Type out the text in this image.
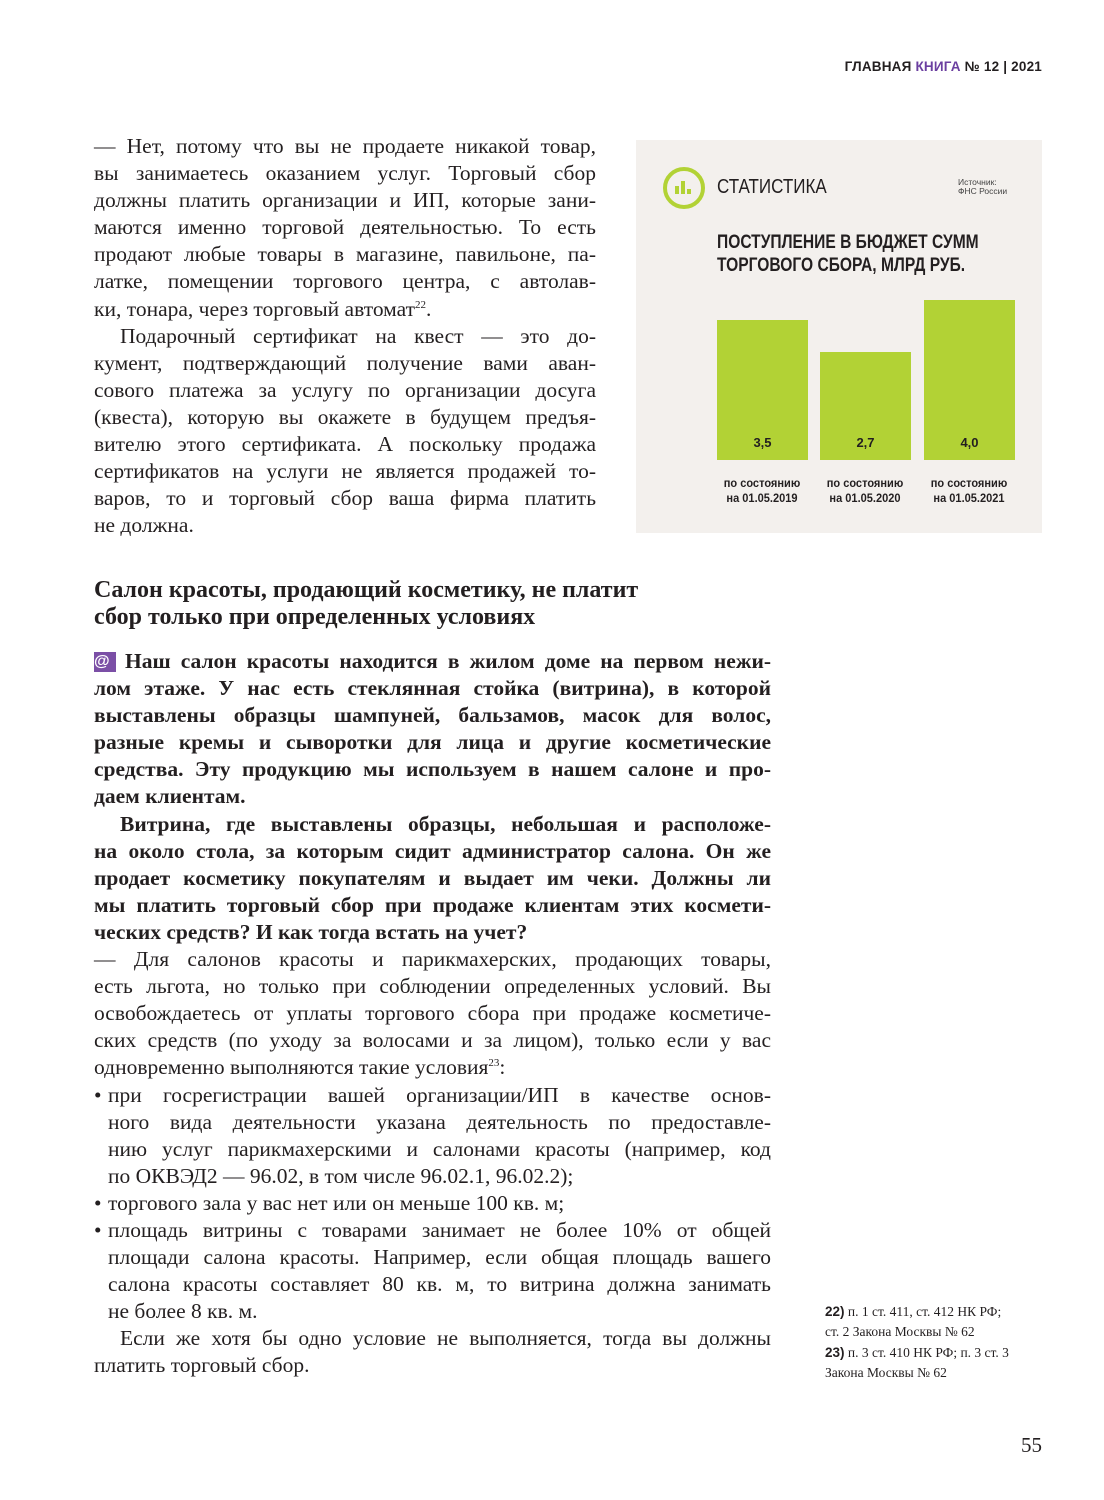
ГЛАВНАЯ КНИГА № 12 | 2021
— Нет, потому что вы не продаете никакой товар,
вы занимаетесь оказанием услуг. Торговый сбор
должны платить организации и ИП, которые зани-
маются именно торговой деятельностью. То есть
продают любые товары в магазине, павильоне, па-
латке, помещении торгового центра, с автолав-
ки, тонара, через торговый автомат$^{22}$.
Подарочный сертификат на квест — это до-
кумент, подтверждающий получение вами аван-
сового платежа за услугу по организации досуга
(квеста), которую вы окажете в будущем предъя-
вителю этого сертификата. А поскольку продажа
сертификатов на услуги не является продажей то-
варов, то и торговый сбор ваша фирма платить
не должна.
Салон красоты, продающий косметику, не платит
сбор только при определенных условиях
@ Наш салон красоты находится в жилом доме на первом нежи-
лом этаже. У нас есть стеклянная стойка (витрина), в которой
выставлены образцы шампуней, бальзамов, масок для волос,
разные кремы и сыворотки для лица и другие косметические
средства. Эту продукцию мы используем в нашем салоне и про-
даем клиентам.
Витрина, где выставлены образцы, небольшая и расположе-
на около стола, за которым сидит администратор салона. Он же
продает косметику покупателям и выдает им чеки. Должны ли
мы платить торговый сбор при продаже клиентам этих космети-
ческих средств? И как тогда встать на учет?
— Для салонов красоты и парикмахерских, продающих товары,
есть льгота, но только при соблюдении определенных условий. Вы
освобождаетесь от уплаты торгового сбора при продаже косметиче-
ских средств (по уходу за волосами и за лицом), только если у вас
одновременно выполняются такие условия$^{23}$:
• при госрегистрации вашей организации/ИП в качестве основ-
ного вида деятельности указана деятельность по предоставле-
нию услуг парикмахерскими и салонами красоты (например, код
по ОКВЭД2 — 96.02, в том числе 96.02.1, 96.02.2);
• торгового зала у вас нет или он меньше 100 кв. м;
• площадь витрины с товарами занимает не более 10% от общей
площади салона красоты. Например, если общая площадь вашего
салона красоты составляет 80 кв. м, то витрина должна занимать
не более 8 кв. м.
Если же хотя бы одно условие не выполняется, тогда вы должны
платить торговый сбор.
СТАТИСТИКА	Источник:
ФНС России
ПОСТУПЛЕНИЕ В БЮДЖЕТ СУММ
ТОРГОВОГО СБОРА, МЛРД РУБ.
3,5
по состоянию
на 01.05.2019
2,7
по состоянию
на 01.05.2020
4,0
по состоянию
на 01.05.2021
22) п. 1 ст. 411, ст. 412 НК РФ;
ст. 2 Закона Москвы № 62
23) п. 3 ст. 410 НК РФ; п. 3 ст. 3
Закона Москвы № 62
55
